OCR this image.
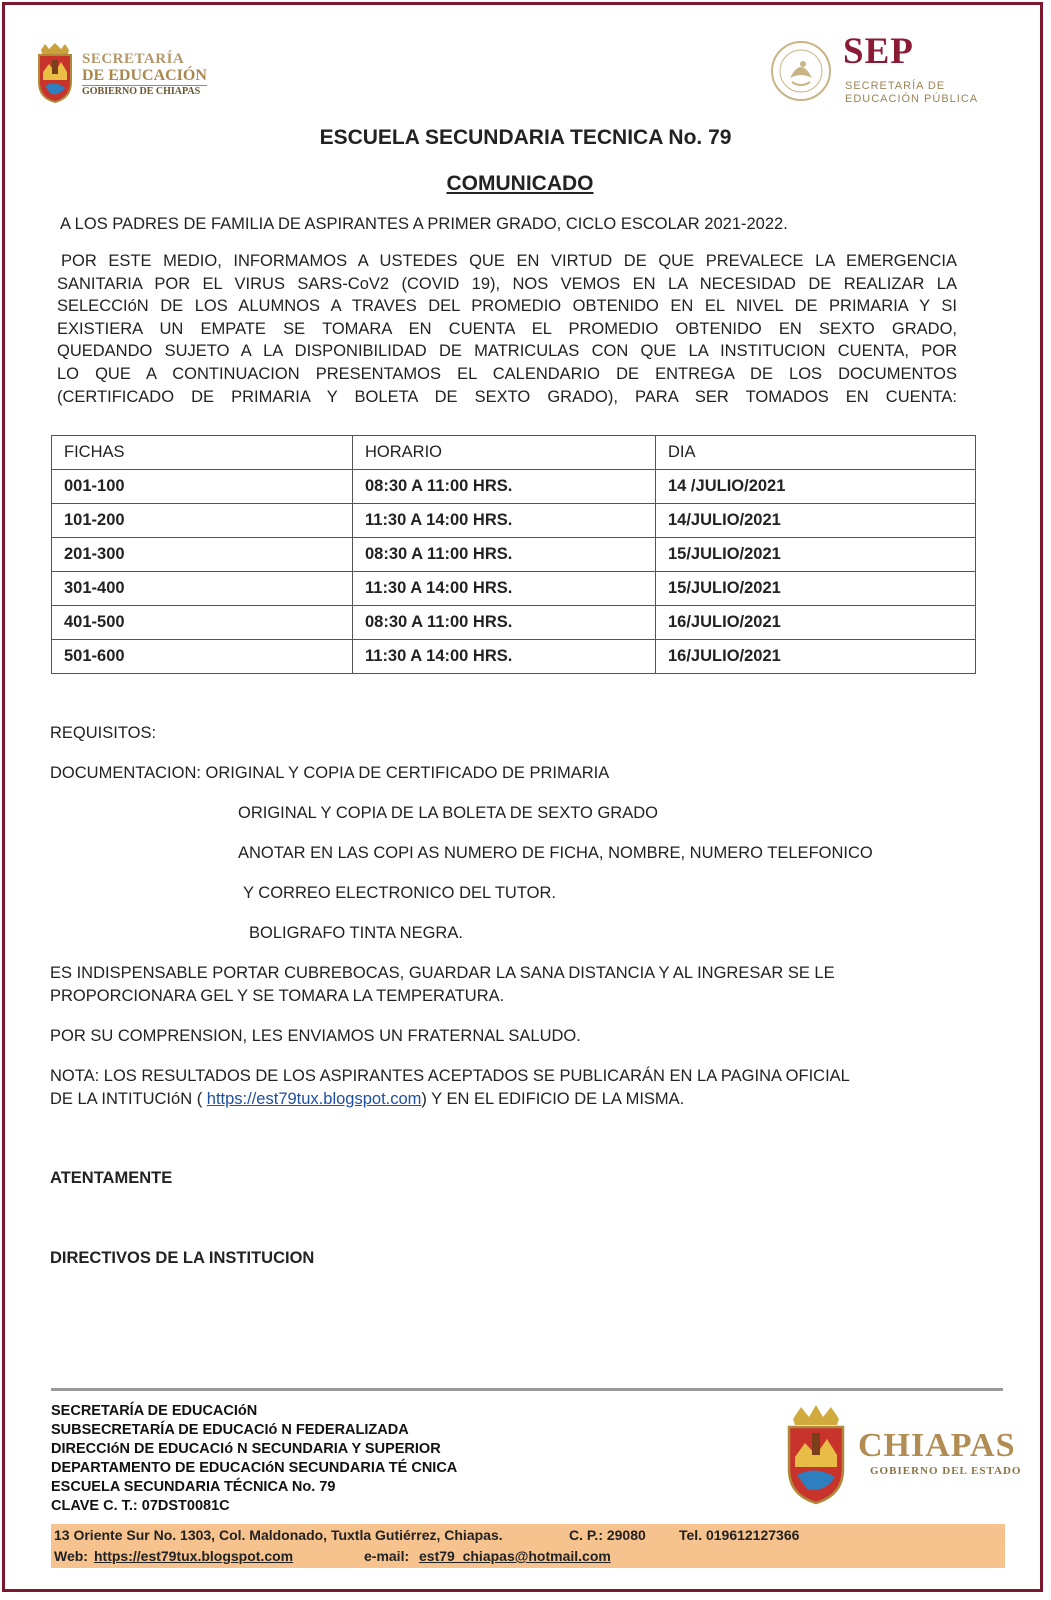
SECRETARÍA
DE EDUCACIÓN
GOBIERNO DE CHIAPAS
SEP
SECRETARÍA DE
EDUCACIÓN PÚBLICA
ESCUELA SECUNDARIA TECNICA No. 79
COMUNICADO
A LOS PADRES DE FAMILIA DE ASPIRANTES A PRIMER GRADO, CICLO ESCOLAR 2021-2022.
POR ESTE MEDIO, INFORMAMOS A USTEDES QUE EN VIRTUD DE QUE PREVALECE LA EMERGENCIA
SANITARIA POR EL VIRUS SARS-CoV2 (COVID 19), NOS VEMOS EN LA NECESIDAD DE REALIZAR LA
SELECCIóN DE LOS ALUMNOS A TRAVES DEL PROMEDIO OBTENIDO EN EL NIVEL DE PRIMARIA Y SI
EXISTIERA UN EMPATE SE TOMARA EN CUENTA EL PROMEDIO OBTENIDO EN SEXTO GRADO,
QUEDANDO SUJETO A LA DISPONIBILIDAD DE MATRICULAS CON QUE LA INSTITUCION CUENTA, POR
LO QUE A CONTINUACION PRESENTAMOS EL CALENDARIO DE ENTREGA DE LOS DOCUMENTOS
(CERTIFICADO DE PRIMARIA Y BOLETA DE SEXTO GRADO), PARA SER TOMADOS EN CUENTA:
FICHAS	HORARIO	DIA
001-100	08:30 A 11:00 HRS.	14 /JULIO/2021
101-200	11:30 A 14:00 HRS.	14/JULIO/2021
201-300	08:30 A 11:00 HRS.	15/JULIO/2021
301-400	11:30 A 14:00 HRS.	15/JULIO/2021
401-500	08:30 A 11:00 HRS.	16/JULIO/2021
501-600	11:30 A 14:00 HRS.	16/JULIO/2021
REQUISITOS:
DOCUMENTACION: ORIGINAL Y COPIA DE CERTIFICADO DE PRIMARIA
ORIGINAL Y COPIA DE LA BOLETA DE SEXTO GRADO
ANOTAR EN LAS COPI AS NUMERO DE FICHA, NOMBRE, NUMERO TELEFONICO
Y CORREO ELECTRONICO DEL TUTOR.
BOLIGRAFO TINTA NEGRA.
ES INDISPENSABLE PORTAR CUBREBOCAS, GUARDAR LA SANA DISTANCIA Y AL INGRESAR SE LE
PROPORCIONARA GEL Y SE TOMARA LA TEMPERATURA.
POR SU COMPRENSION, LES ENVIAMOS UN FRATERNAL SALUDO.
NOTA: LOS RESULTADOS DE LOS ASPIRANTES ACEPTADOS SE PUBLICARÁN EN LA PAGINA OFICIAL
DE LA INTITUCIóN ( https://est79tux.blogspot.com) Y EN EL EDIFICIO DE LA MISMA.
ATENTAMENTE
DIRECTIVOS DE LA INSTITUCION
SECRETARÍA DE EDUCACIóN
SUBSECRETARÍA DE EDUCACIó N FEDERALIZADA
DIRECCIóN DE EDUCACIó N SECUNDARIA Y SUPERIOR
DEPARTAMENTO DE EDUCACIóN SECUNDARIA TÉ CNICA
ESCUELA SECUNDARIA TÉCNICA No. 79
CLAVE C. T.: 07DST0081C
CHIAPAS
GOBIERNO DEL ESTADO
13 Oriente Sur No. 1303, Col. Maldonado, Tuxtla Gutiérrez, Chiapas.	C. P.: 29080 Tel. 019612127366
Web: https://est79tux.blogspot.com	e-mail: est79_chiapas@hotmail.com
